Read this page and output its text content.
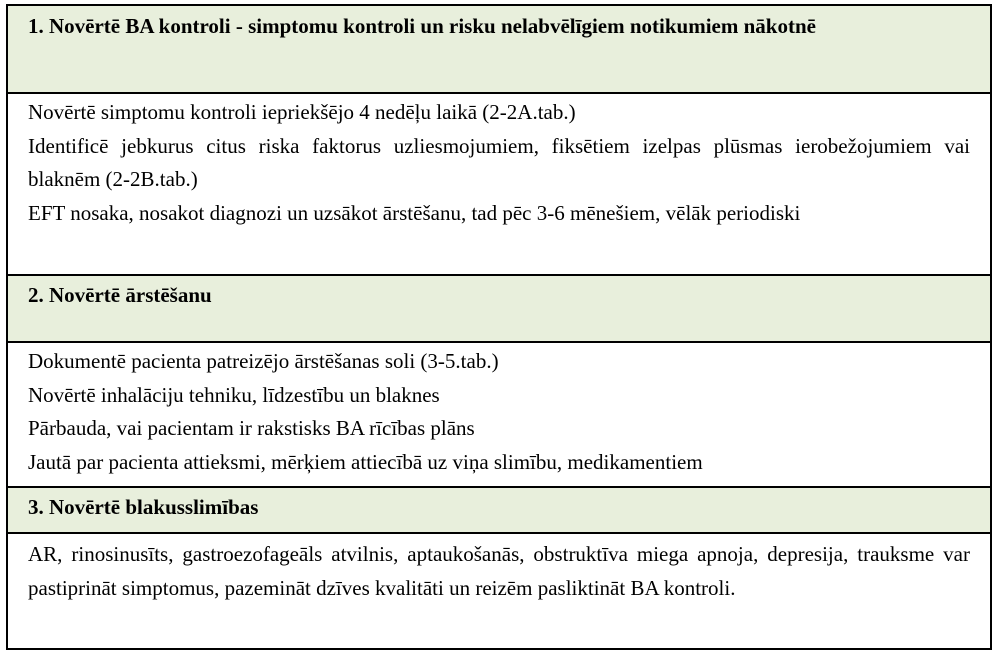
1. Novērtē BA kontroli - simptomu kontroli un risku nelabvēlīgiem notikumiem nākotnē
Novērtē simptomu kontroli iepriekšējo 4 nedēļu laikā (2-2A.tab.)
Identificē jebkurus citus riska faktorus uzliesmojumiem, fiksētiem izelpas plūsmas ierobežojumiem vai blaknēm (2-2B.tab.)
EFT nosaka, nosakot diagnozi un uzsākot ārstēšanu, tad pēc 3-6 mēnešiem, vēlāk periodiski
2. Novērtē ārstēšanu
Dokumentē pacienta patreizējo ārstēšanas soli (3-5.tab.)
Novērtē inhalāciju tehniku, līdzestību un blaknes
Pārbauda, vai pacientam ir rakstisks BA rīcības plāns
Jautā par pacienta attieksmi, mērķiem attiecībā uz viņa slimību, medikamentiem
3. Novērtē blakusslimības
AR, rinosinusīts, gastroezofageāls atvilnis, aptaukošanās, obstruktīva miega apnoja, depresija, trauksme var pastiprināt simptomus, pazemināt dzīves kvalitāti un reizēm pasliktināt BA kontroli.
